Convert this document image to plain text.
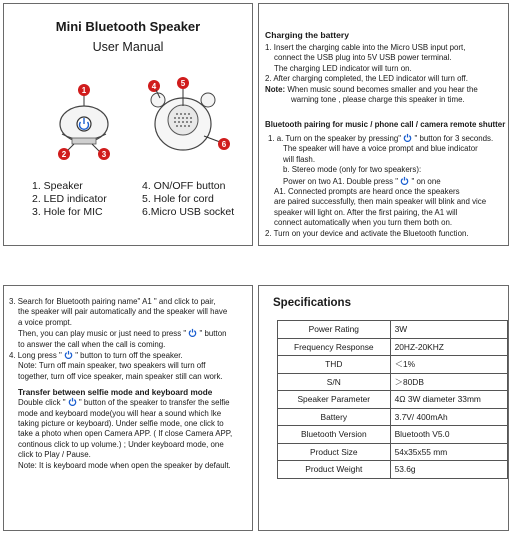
Mini Bluetooth Speaker
User Manual
1
2	3
4	5
6
1. Speaker
2. LED indicator
3. Hole for MIC
4. ON/OFF button
5. Hole for cord
6.Micro USB socket
Charging the battery
1. Insert the charging cable into the Micro USB input port,
connect the USB plug into 5V USB power terminal.
The charging LED indicator will turn on.
2. After charging completed, the LED indicator will turn off.
Note: When music sound becomes smaller and you hear the
warning tone , please charge this speaker in time.
Bluetooth pairing for music / phone call / camera remote shutter
1. a. Turn on the speaker by pressing"  " button for 3 seconds.
The speaker will have a voice prompt and blue indicator
will flash.
b. Stereo mode (only for two speakers):
Power on two A1. Double press "  " on one
A1. Connected prompts are heard once the speakers
are paired successfully, then main speaker will blink and vice
speaker will light on. After the first pairing, the A1 will
connect automatically when you turn them both on.
2. Turn on your device and activate the Bluetooth function.
3. Search for Bluetooth pairing name" A1 " and click to pair,
the speaker will pair automatically and the speaker will have
a voice prompt.
Then, you can play music or just need to press "  " button
to answer the call when the call is coming.
4. Long press "  " button to turn off the speaker.
Note: Turn off main speaker, two speakers will turn off
together, turn off vice speaker, main speaker still can work.
Transfer between selfie mode and keyboard mode
Double click "  " button of the speaker to transfer the selfie
mode and keyboard mode(you will hear a sound which lke
taking picture or keyboard). Under selfie mode, one click to
take a photo when open Camera APP. ( If close Camera APP,
continous click to up volume.) ; Under keyboard mode, one
click to Play / Pause.
Note: It is keyboard mode when open the speaker by default.
Specifications
Power Rating	3W
Frequency Response	20HZ-20KHZ
THD	＜1%
S/N	＞80DB
Speaker Parameter	4Ω 3W diameter 33mm
Battery	3.7V/ 400mAh
Bluetooth Version	Bluetooth V5.0
Product Size	54x35x55 mm
Product Weight	53.6g
